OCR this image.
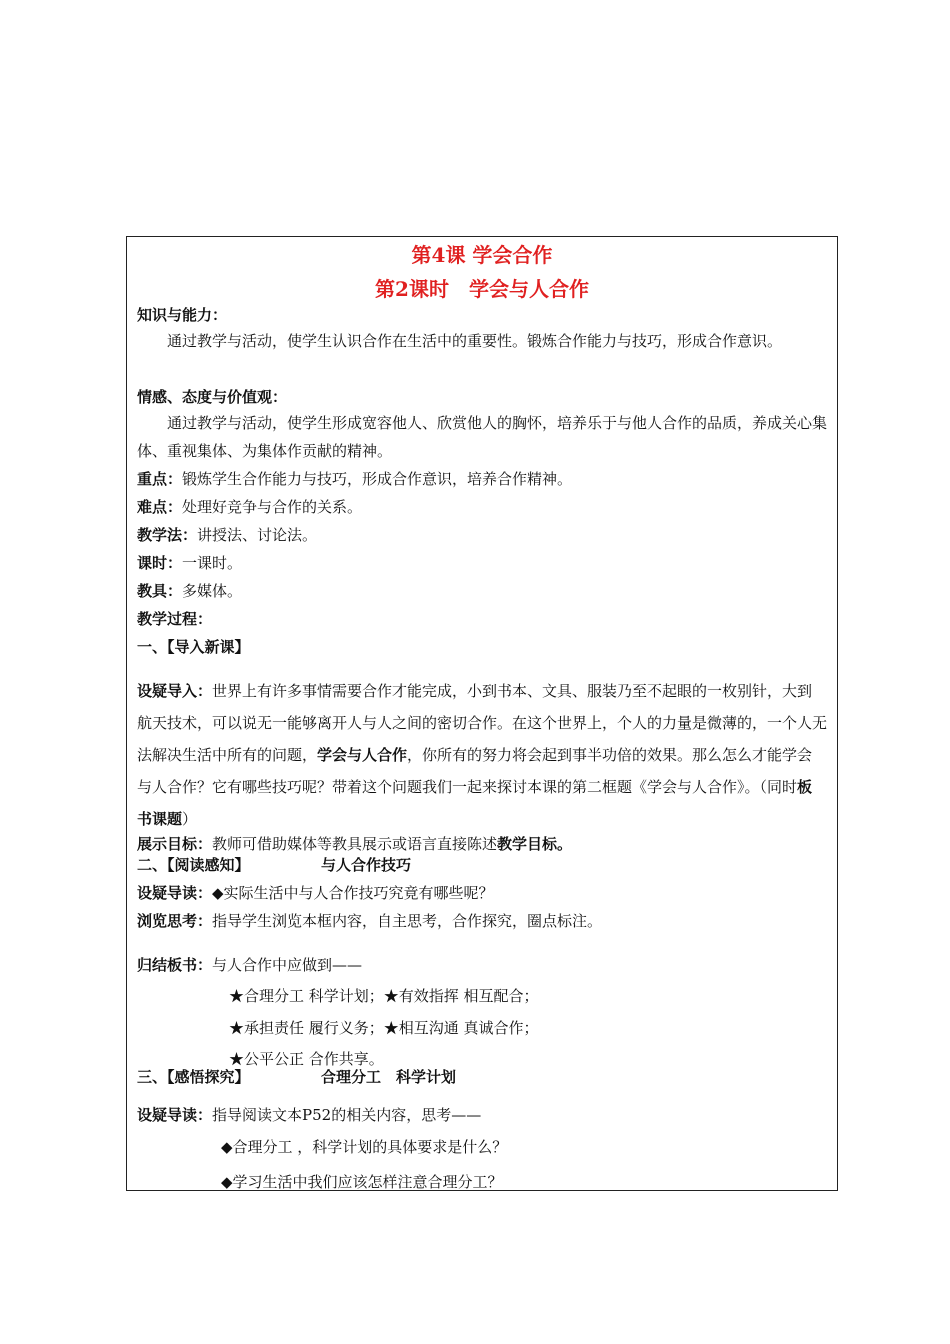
第4课 学会合作
第2课时　学会与人合作
知识与能力：
通过教学与活动，使学生认识合作在生活中的重要性。锻炼合作能力与技巧，形成合作意识。
情感、态度与价值观：
通过教学与活动，使学生形成宽容他人、欣赏他人的胸怀，培养乐于与他人合作的品质，养成关心集体、重视集体、为集体作贡献的精神。
重点：锻炼学生合作能力与技巧，形成合作意识，培养合作精神。
难点：处理好竞争与合作的关系。
教学法：讲授法、讨论法。
课时：一课时。
教具：多媒体。
教学过程：
一、【导入新课】
设疑导入：世界上有许多事情需要合作才能完成，小到书本、文具、服装乃至不起眼的一枚别针，大到航天技术，可以说无一能够离开人与人之间的密切合作。在这个世界上，个人的力量是微薄的，一个人无法解决生活中所有的问题，学会与人合作，你所有的努力将会起到事半功倍的效果。那么怎么才能学会与人合作？它有哪些技巧呢？带着这个问题我们一起来探讨本课的第二框题《学会与人合作》。（同时板书课题）
展示目标：教师可借助媒体等教具展示或语言直接陈述教学目标。
二、【阅读感知】	与人合作技巧
设疑导读：◆实际生活中与人合作技巧究竟有哪些呢？
浏览思考：指导学生浏览本框内容，自主思考，合作探究，圈点标注。
归结板书：与人合作中应做到——
★合理分工 科学计划；★有效指挥 相互配合；
★承担责任 履行义务；★相互沟通 真诚合作；
★公平公正 合作共享。
三、【感悟探究】	合理分工　科学计划
设疑导读：指导阅读文本P52的相关内容，思考——
◆合理分工 ，科学计划的具体要求是什么？
◆学习生活中我们应该怎样注意合理分工？
